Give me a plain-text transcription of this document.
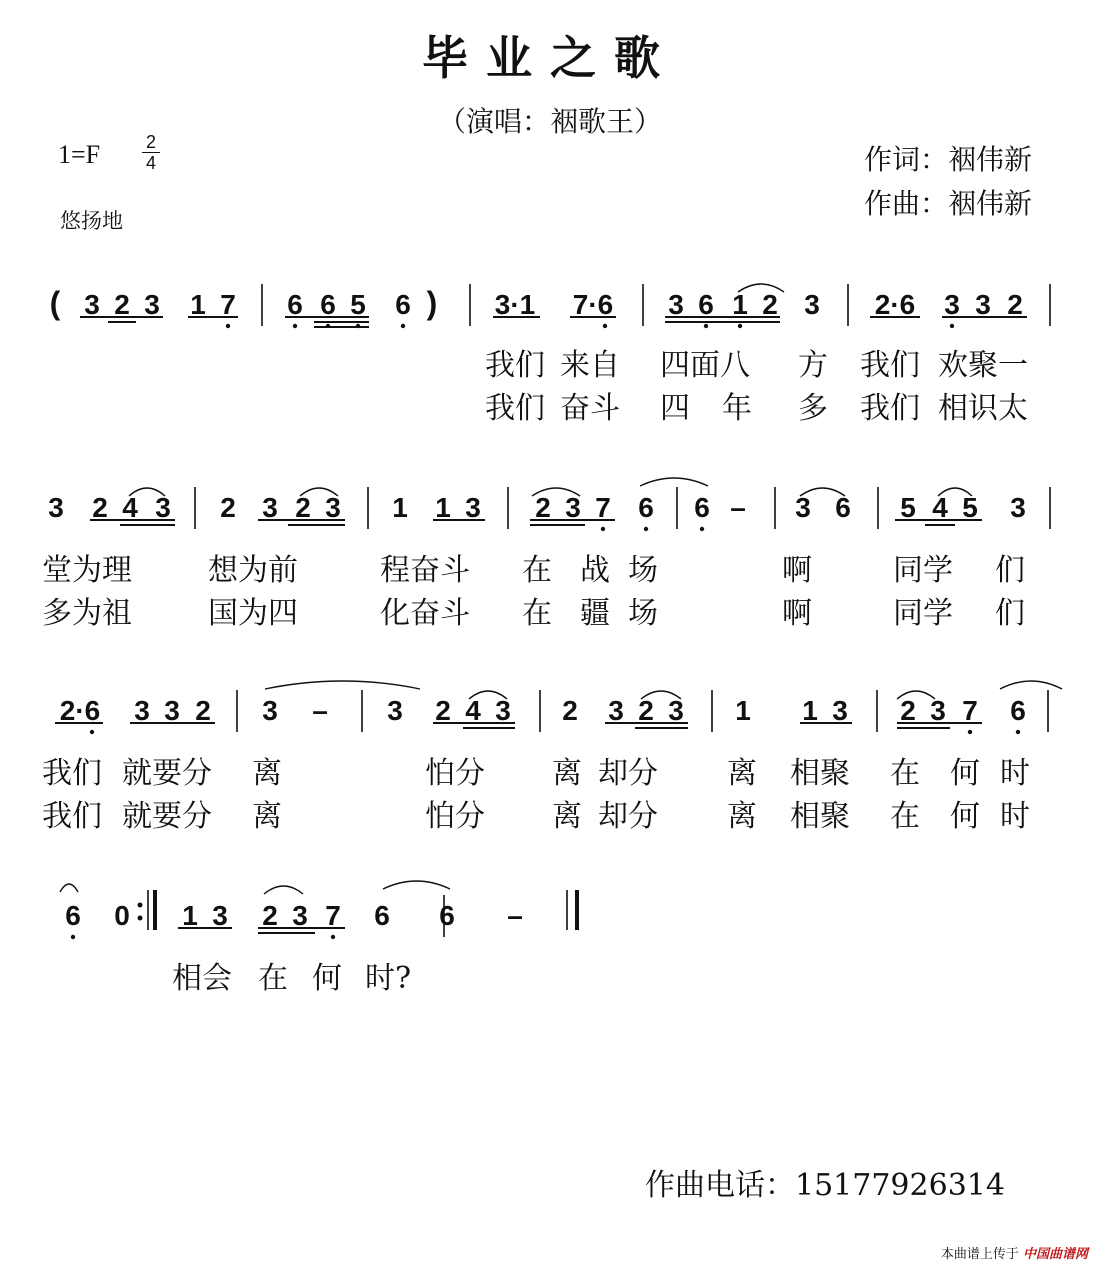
毕业之歌
（演唱：裀歌王）
1=F	2
4
悠扬地
作词：裀伟新
作曲：裀伟新
( 3 2 3 1 7 6 6 5 6 ) 3·1 7·6 3 6 1 2 3 2·6 3 3 2
3 2 4 3 2 3 2 3 1 1 3 2 3 7 6 6 – 3 6 5 4 5 3
2·6 3 3 2 3 – 3 2 4 3 2 3 2 3 1 1 3 2 3 7 6
6 0 1 3 2 3 7 6 6 –
我们 来自 四面八 方 我们 欢聚一
我们 奋斗 四 年 多 我们 相识太
堂为理	想为前	程奋斗 在 战 场	啊	同学 们
多为祖	国为四	化奋斗 在 疆 场	啊	同学 们
我们 就要分 离	怕分 离 却分 离 相聚 在 何 时
我们 就要分 离	怕分 离 却分 离 相聚 在 何 时
相会 在 何 时?
作曲电话：15177926314
本曲谱上传于 中国曲谱网
